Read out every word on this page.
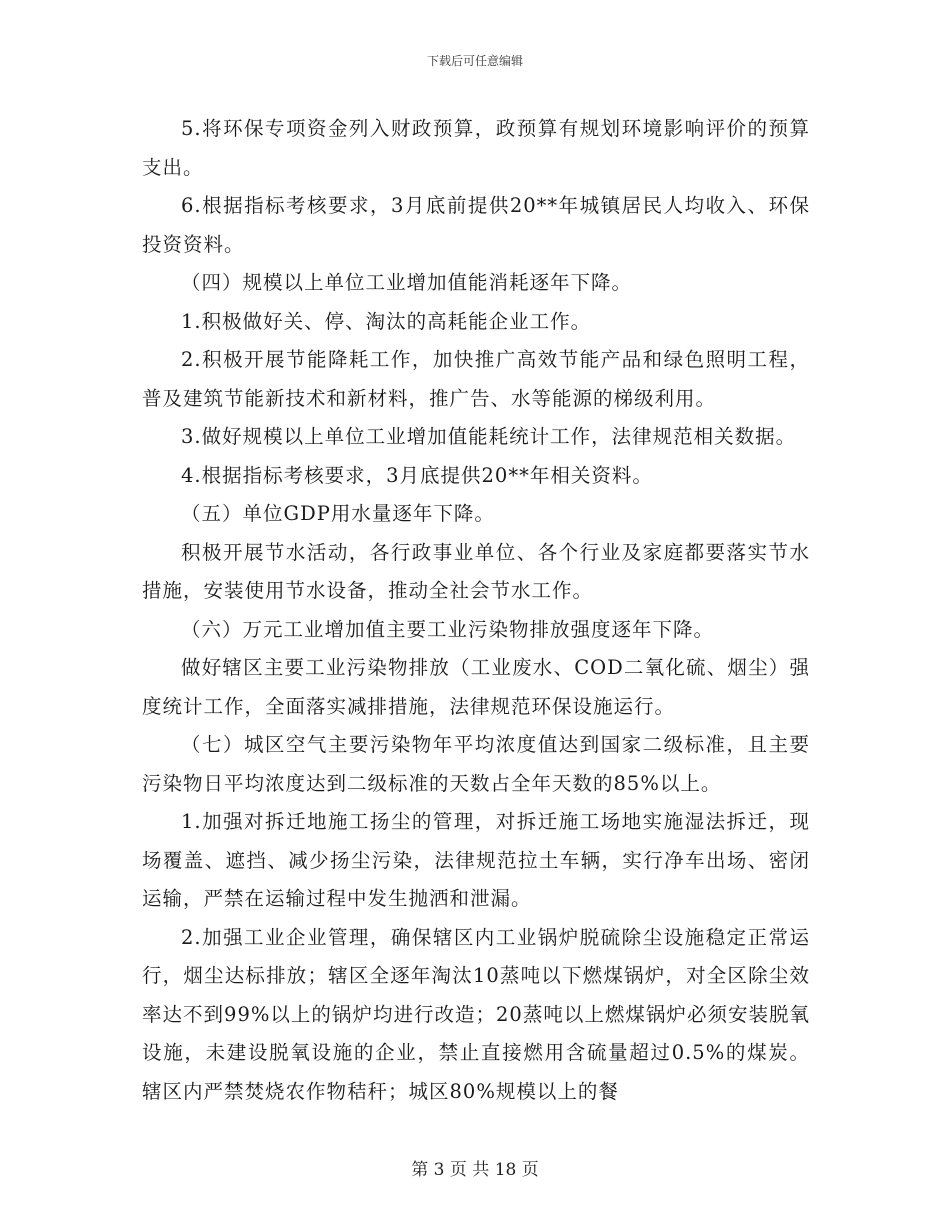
下载后可任意编辑

5.将环保专项资金列入财政预算，政预算有规划环境影响评价的预算支出。

6.根据指标考核要求，3月底前提供20**年城镇居民人均收入、环保投资资料。

（四）规模以上单位工业增加值能消耗逐年下降。

1.积极做好关、停、淘汰的高耗能企业工作。

2.积极开展节能降耗工作，加快推广高效节能产品和绿色照明工程，普及建筑节能新技术和新材料，推广告、水等能源的梯级利用。

3.做好规模以上单位工业增加值能耗统计工作，法律规范相关数据。

4.根据指标考核要求，3月底提供20**年相关资料。

（五）单位GDP用水量逐年下降。

积极开展节水活动，各行政事业单位、各个行业及家庭都要落实节水措施，安装使用节水设备，推动全社会节水工作。

（六）万元工业增加值主要工业污染物排放强度逐年下降。

做好辖区主要工业污染物排放（工业废水、COD二氧化硫、烟尘）强度统计工作，全面落实减排措施，法律规范环保设施运行。

（七）城区空气主要污染物年平均浓度值达到国家二级标准，且主要污染物日平均浓度达到二级标准的天数占全年天数的85%以上。

1.加强对拆迁地施工扬尘的管理，对拆迁施工场地实施湿法拆迁，现场覆盖、遮挡、减少扬尘污染，法律规范拉土车辆，实行净车出场、密闭运输，严禁在运输过程中发生抛洒和泄漏。

2.加强工业企业管理，确保辖区内工业锅炉脱硫除尘设施稳定正常运行，烟尘达标排放；辖区全逐年淘汰10蒸吨以下燃煤锅炉，对全区除尘效率达不到99%以上的锅炉均进行改造；20蒸吨以上燃煤锅炉必须安装脱氧设施，未建设脱氧设施的企业，禁止直接燃用含硫量超过0.5%的煤炭。辖区内严禁焚烧农作物秸秆；城区80%规模以上的餐

第 3 页 共 18 页
